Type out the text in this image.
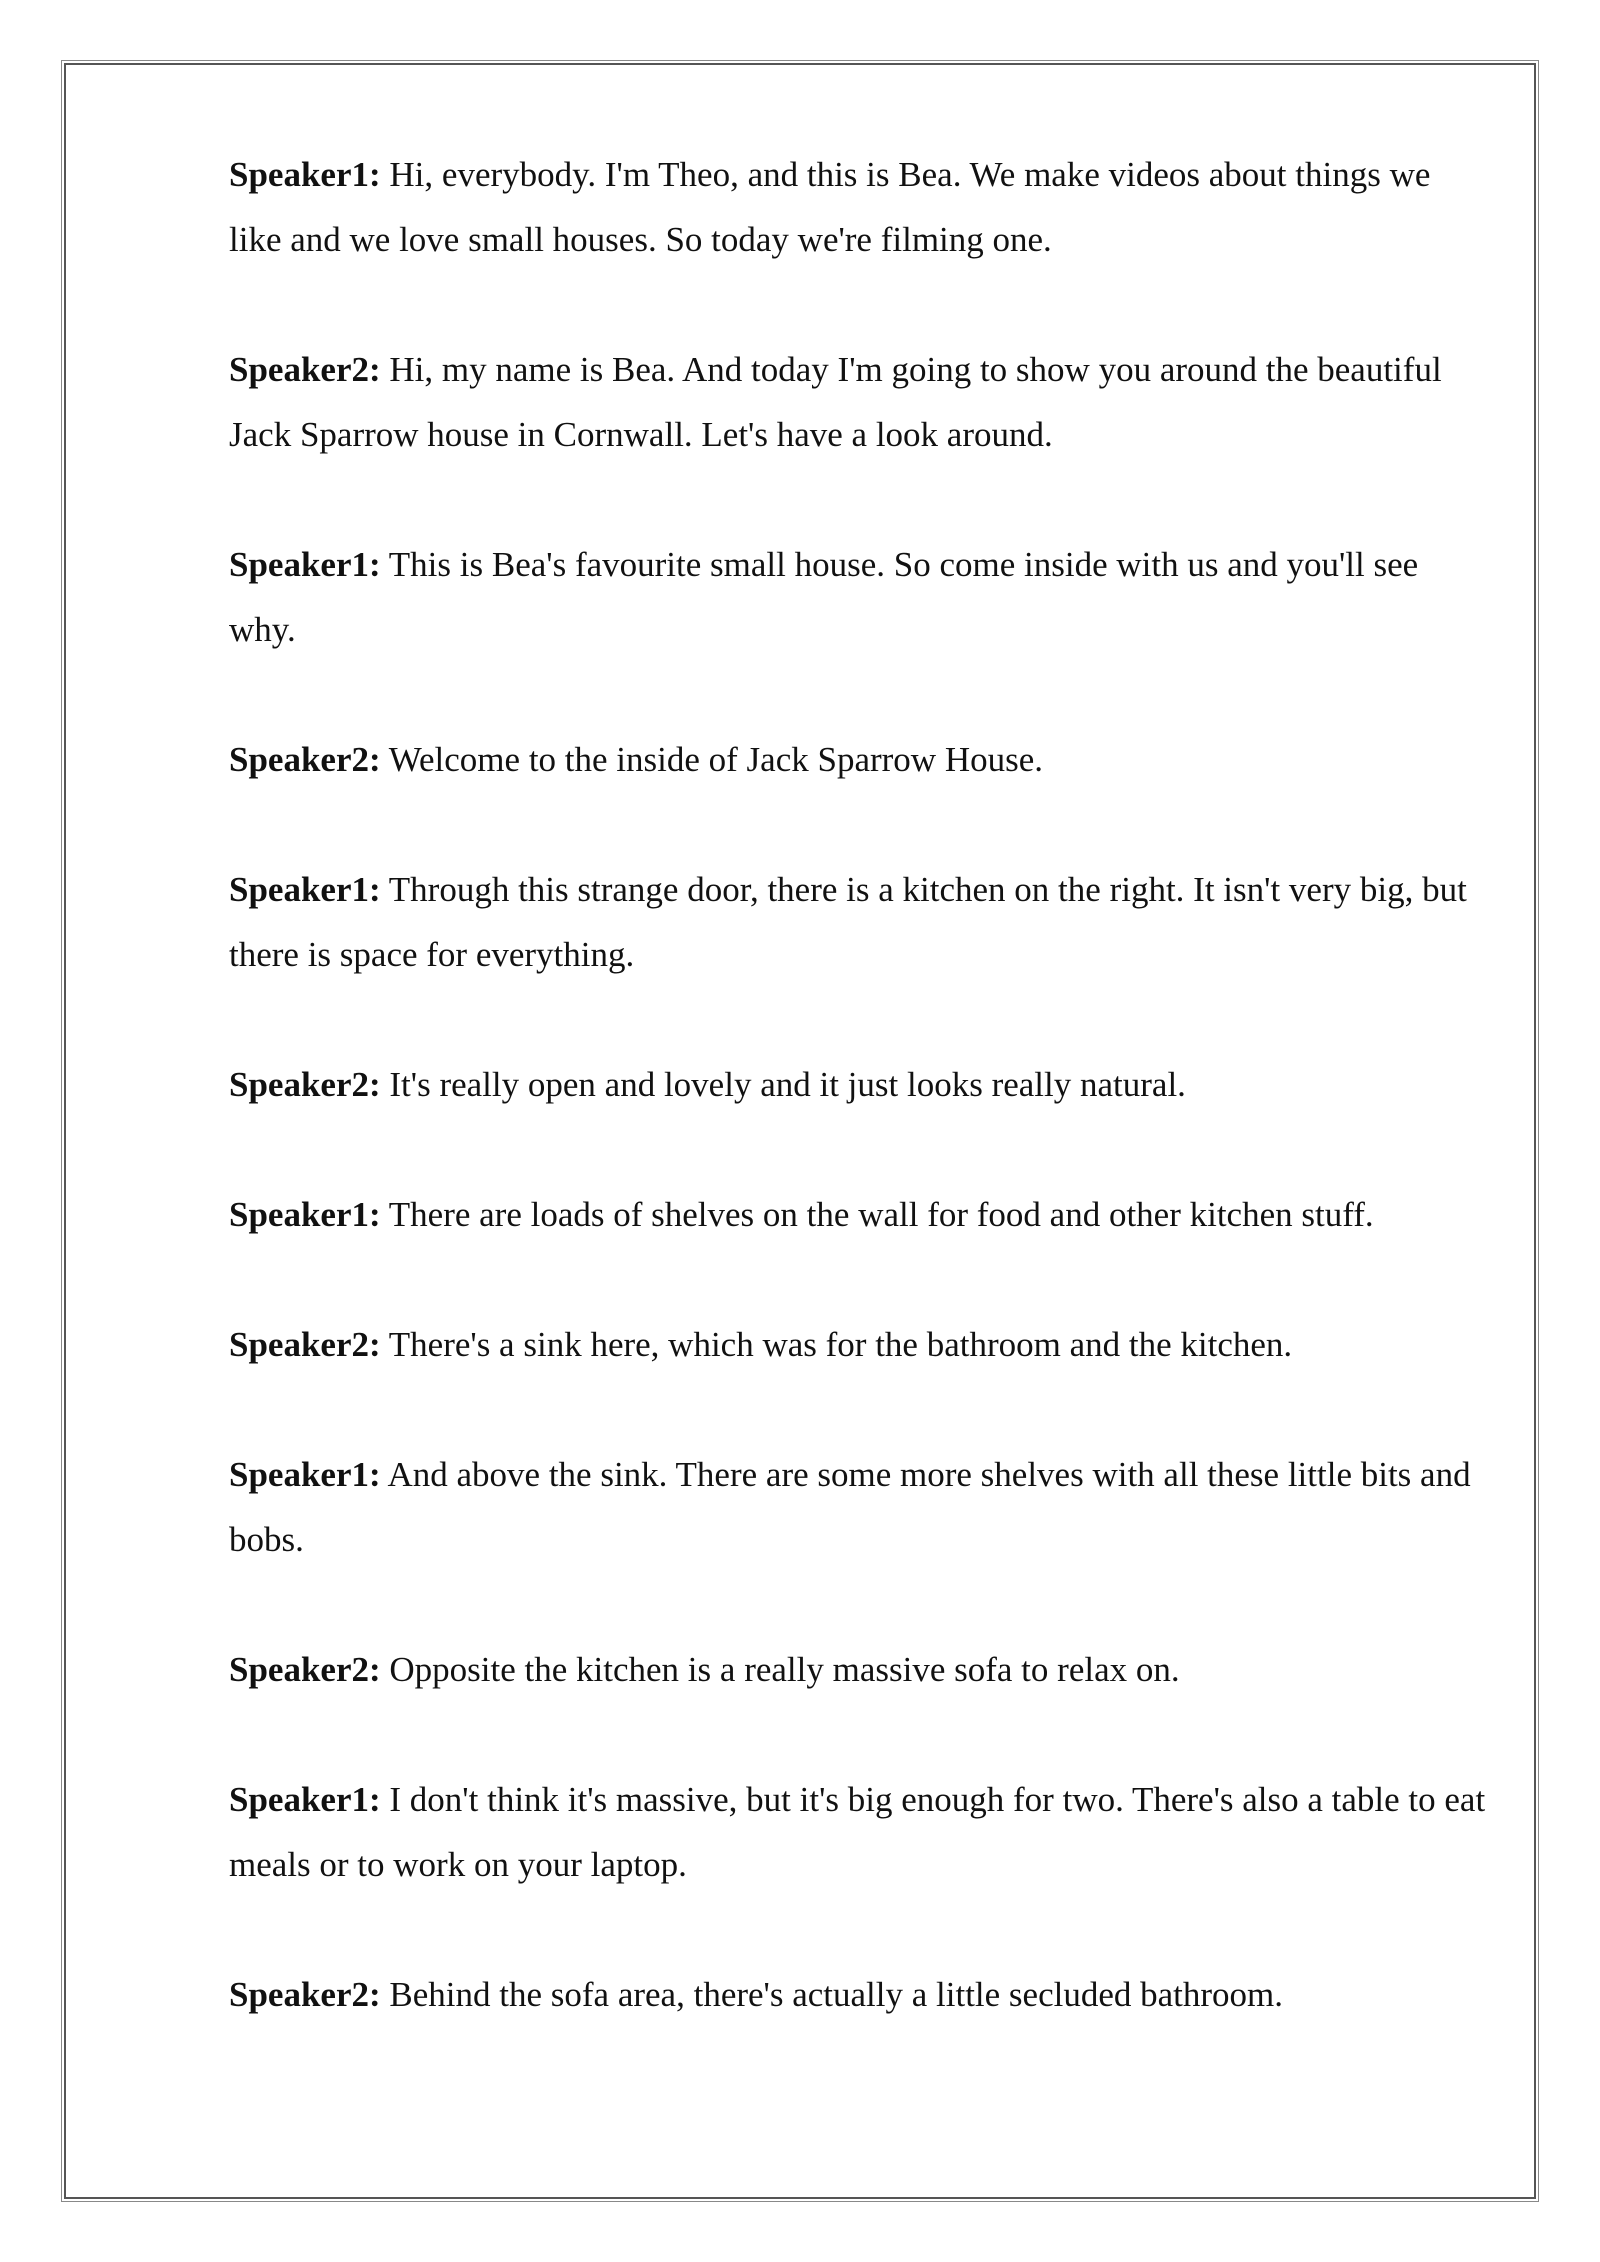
Speaker1: Hi, everybody. I'm Theo, and this is Bea. We make videos about things we like and we love small houses. So today we're filming one.

Speaker2: Hi, my name is Bea. And today I'm going to show you around the beautiful Jack Sparrow house in Cornwall. Let's have a look around.

Speaker1: This is Bea's favourite small house. So come inside with us and you'll see why.

Speaker2: Welcome to the inside of Jack Sparrow House.

Speaker1: Through this strange door, there is a kitchen on the right. It isn't very big, but there is space for everything.

Speaker2: It's really open and lovely and it just looks really natural.

Speaker1: There are loads of shelves on the wall for food and other kitchen stuff.

Speaker2: There's a sink here, which was for the bathroom and the kitchen.

Speaker1: And above the sink. There are some more shelves with all these little bits and bobs.

Speaker2: Opposite the kitchen is a really massive sofa to relax on.

Speaker1: I don't think it's massive, but it's big enough for two. There's also a table to eat meals or to work on your laptop.

Speaker2: Behind the sofa area, there's actually a little secluded bathroom.
